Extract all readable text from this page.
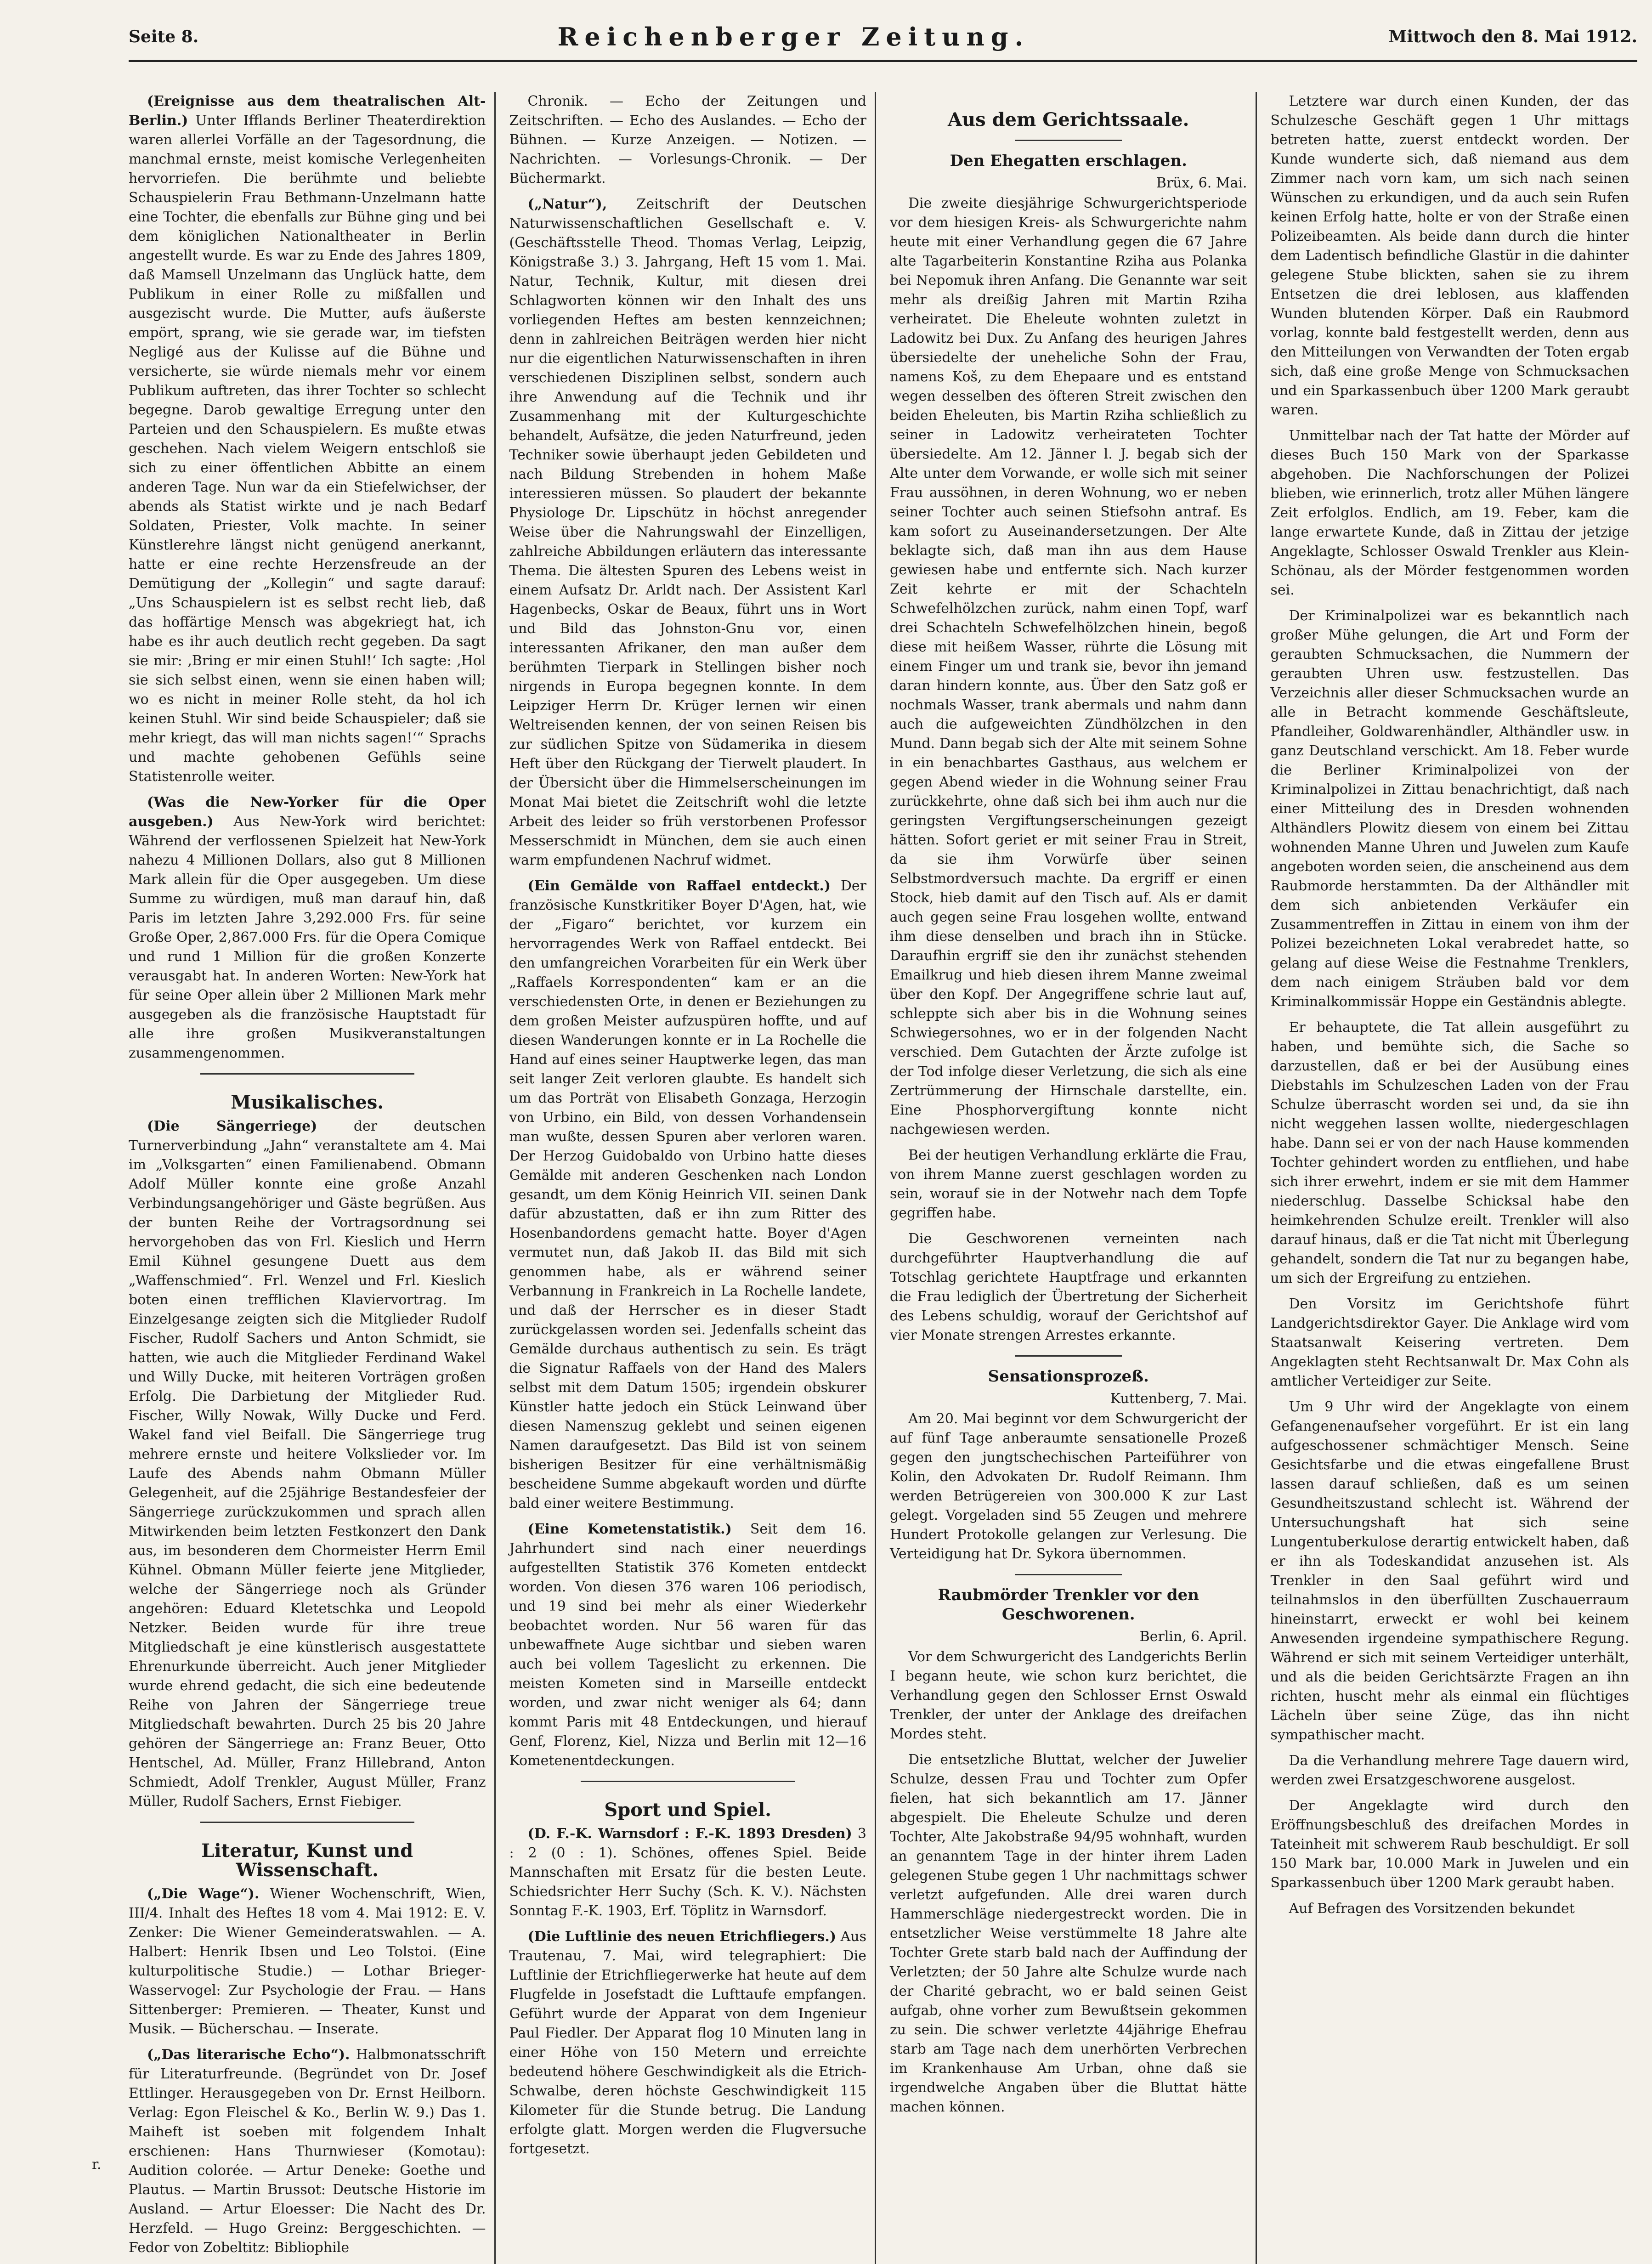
Seite 8.	Reichenberger Zeitung.	Mittwoch den 8. Mai 1912.

(Ereignisse aus dem theatralischen Alt-Berlin.) Unter Ifflands Berliner Theaterdirektion waren allerlei Vorfälle an der Tagesordnung, die manchmal ernste, meist komische Verlegenheiten hervorriefen. Die berühmte und beliebte Schauspielerin Frau Bethmann-Unzelmann hatte eine Tochter, die ebenfalls zur Bühne ging und bei dem königlichen Nationaltheater in Berlin angestellt wurde. Es war zu Ende des Jahres 1809, daß Mamsell Unzelmann das Unglück hatte, dem Publikum in einer Rolle zu mißfallen und ausgezischt wurde. Die Mutter, aufs äußerste empört, sprang, wie sie gerade war, im tiefsten Negligé aus der Kulisse auf die Bühne und versicherte, sie würde niemals mehr vor einem Publikum auftreten, das ihrer Tochter so schlecht begegne. Darob gewaltige Erregung unter den Parteien und den Schauspielern. Es mußte etwas geschehen. Nach vielem Weigern entschloß sie sich zu einer öffentlichen Abbitte an einem anderen Tage. Nun war da ein Stiefelwichser, der abends als Statist wirkte und je nach Bedarf Soldaten, Priester, Volk machte. In seiner Künstlerehre längst nicht genügend anerkannt, hatte er eine rechte Herzensfreude an der Demütigung der „Kollegin“ und sagte darauf: „Uns Schauspielern ist es selbst recht lieb, daß das hoffärtige Mensch was abgekriegt hat, ich habe es ihr auch deutlich recht gegeben. Da sagt sie mir: ‚Bring er mir einen Stuhl!‘ Ich sagte: ‚Hol sie sich selbst einen, wenn sie einen haben will; wo es nicht in meiner Rolle steht, da hol ich keinen Stuhl. Wir sind beide Schauspieler; daß sie mehr kriegt, das will man nichts sagen!‘“ Sprachs und machte gehobenen Gefühls seine Statistenrolle weiter.

(Was die New-Yorker für die Oper ausgeben.) Aus New-York wird berichtet: Während der verflossenen Spielzeit hat New-York nahezu 4 Millionen Dollars, also gut 8 Millionen Mark allein für die Oper ausgegeben. Um diese Summe zu würdigen, muß man darauf hin, daß Paris im letzten Jahre 3,292.000 Frs. für seine Große Oper, 2,867.000 Frs. für die Opera Comique und rund 1 Million für die großen Konzerte verausgabt hat. In anderen Worten: New-York hat für seine Oper allein über 2 Millionen Mark mehr ausgegeben als die französische Hauptstadt für alle ihre großen Musikveranstaltungen zusammengenommen.

Musikalisches.

(Die Sängerriege)	der deutschen Turnerverbindung „Jahn“ veranstaltete am 4. Mai im „Volksgarten“ einen Familienabend. Obmann Adolf Müller konnte eine große Anzahl Verbindungsangehöriger und Gäste begrüßen. Aus der bunten Reihe der Vortragsordnung sei hervorgehoben das von Frl. Kieslich und Herrn Emil Kühnel gesungene Duett aus dem „Waffenschmied“. Frl. Wenzel und Frl. Kieslich boten einen trefflichen Klaviervortrag. Im Einzelgesange zeigten sich die Mitglieder Rudolf Fischer, Rudolf Sachers und Anton Schmidt, sie hatten, wie auch die Mitglieder Ferdinand Wakel und Willy Ducke, mit heiteren Vorträgen großen Erfolg. Die Darbietung der Mitglieder Rud. Fischer, Willy Nowak, Willy Ducke und Ferd. Wakel fand viel Beifall. Die Sängerriege trug mehrere ernste und heitere Volkslieder vor. Im Laufe des Abends nahm Obmann Müller Gelegenheit, auf die 25jährige Bestandesfeier der Sängerriege zurückzukommen und sprach allen Mitwirkenden beim letzten Festkonzert den Dank aus, im besonderen dem Chormeister Herrn Emil Kühnel. Obmann Müller feierte jene Mitglieder, welche der Sängerriege noch als Gründer angehören: Eduard Kletetschka und Leopold Netzker. Beiden wurde für ihre treue Mitgliedschaft je eine künstlerisch ausgestattete Ehrenurkunde überreicht. Auch jener Mitglieder wurde ehrend gedacht, die sich eine bedeutende Reihe von Jahren der Sängerriege treue Mitgliedschaft bewahrten. Durch 25 bis 20 Jahre gehören der Sängerriege an: Franz Beuer, Otto Hentschel, Ad. Müller, Franz Hillebrand, Anton Schmiedt, Adolf Trenkler, August Müller, Franz Müller, Rudolf Sachers, Ernst Fiebiger.

Literatur, Kunst und Wissenschaft.

(„Die Wage“). Wiener Wochenschrift, Wien, III/4. Inhalt des Heftes 18 vom 4. Mai 1912: E. V. Zenker: Die Wiener Gemeinderatswahlen. — A. Halbert: Henrik Ibsen und Leo Tolstoi. (Eine kulturpolitische Studie.) — Lothar Brieger-Wasservogel: Zur Psychologie der Frau. — Hans Sittenberger: Premieren. — Theater, Kunst und Musik. — Bücherschau. — Inserate.

(„Das literarische Echo“). Halbmonatsschrift für Literaturfreunde. (Begründet von Dr. Josef Ettlinger. Herausgegeben von Dr. Ernst Heilborn. Verlag: Egon Fleischel & Ko., Berlin W. 9.) Das 1. Maiheft ist soeben mit folgendem Inhalt erschienen: Hans Thurnwieser (Komotau): Audition colorée. — Artur Deneke: Goethe und Plautus. — Martin Brussot: Deutsche Historie im Ausland. — Artur Eloesser: Die Nacht des Dr. Herzfeld. — Hugo Greinz: Berggeschichten. — Fedor von Zobeltitz: Bibliophile

Chronik. — Echo der Zeitungen und Zeitschriften. — Echo des Auslandes. — Echo der Bühnen. — Kurze Anzeigen. — Notizen. — Nachrichten. — Vorlesungs-Chronik. — Der Büchermarkt.

(„Natur“), Zeitschrift der Deutschen Naturwissenschaftlichen Gesellschaft e. V. (Geschäftsstelle Theod. Thomas Verlag, Leipzig, Königstraße 3.) 3. Jahrgang, Heft 15 vom 1. Mai. Natur, Technik, Kultur, mit diesen drei Schlagworten können wir den Inhalt des uns vorliegenden Heftes am besten kennzeichnen; denn in zahlreichen Beiträgen werden hier nicht nur die eigentlichen Naturwissenschaften in ihren verschiedenen Disziplinen selbst, sondern auch ihre Anwendung auf die Technik und ihr Zusammenhang mit der Kulturgeschichte behandelt, Aufsätze, die jeden Naturfreund, jeden Techniker sowie überhaupt jeden Gebildeten und nach Bildung Strebenden in hohem Maße interessieren müssen. So plaudert der bekannte Physiologe Dr. Lipschütz in höchst anregender Weise über die Nahrungswahl der Einzelligen, zahlreiche Abbildungen erläutern das interessante Thema. Die ältesten Spuren des Lebens weist in einem Aufsatz Dr. Arldt nach. Der Assistent Karl Hagenbecks, Oskar de Beaux, führt uns in Wort und Bild das Johnston-Gnu vor, einen interessanten Afrikaner, den man außer dem berühmten Tierpark in Stellingen bisher noch nirgends in Europa begegnen konnte. In dem Leipziger Herrn Dr. Krüger lernen wir einen Weltreisenden kennen, der von seinen Reisen bis zur südlichen Spitze von Südamerika in diesem Heft über den Rückgang der Tierwelt plaudert. In der Übersicht über die Himmelserscheinungen im Monat Mai bietet die Zeitschrift wohl die letzte Arbeit des leider so früh verstorbenen Professor Messerschmidt in München, dem sie auch einen warm empfundenen Nachruf widmet.

(Ein Gemälde von Raffael entdeckt.) Der französische Kunstkritiker Boyer D'Agen, hat, wie der „Figaro“ berichtet, vor kurzem ein hervorragendes Werk von Raffael entdeckt. Bei den umfangreichen Vorarbeiten für ein Werk über „Raffaels Korrespondenten“ kam er an die verschiedensten Orte, in denen er Beziehungen zu dem großen Meister aufzuspüren hoffte, und auf diesen Wanderungen konnte er in La Rochelle die Hand auf eines seiner Hauptwerke legen, das man seit langer Zeit verloren glaubte. Es handelt sich um das Porträt von Elisabeth Gonzaga, Herzogin von Urbino, ein Bild, von dessen Vorhandensein man wußte, dessen Spuren aber verloren waren. Der Herzog Guidobaldo von Urbino hatte dieses Gemälde mit anderen Geschenken nach London gesandt, um dem König Heinrich VII. seinen Dank dafür abzustatten, daß er ihn zum Ritter des Hosenbandordens gemacht hatte. Boyer d'Agen vermutet nun, daß Jakob II. das Bild mit sich genommen habe, als er während seiner Verbannung in Frankreich in La Rochelle landete, und daß der Herrscher es in dieser Stadt zurückgelassen worden sei. Jedenfalls scheint das Gemälde durchaus authentisch zu sein. Es trägt die Signatur Raffaels von der Hand des Malers selbst mit dem Datum 1505; irgendein obskurer Künstler hatte jedoch ein Stück Leinwand über diesen Namenszug geklebt und seinen eigenen Namen daraufgesetzt. Das Bild ist von seinem bisherigen Besitzer für eine verhältnismäßig bescheidene Summe abgekauft worden und dürfte bald einer weitere Bestimmung.

(Eine Kometenstatistik.) Seit dem 16. Jahrhundert sind nach einer neuerdings aufgestellten Statistik 376 Kometen entdeckt worden. Von diesen 376 waren 106 periodisch, und 19 sind bei mehr als einer Wiederkehr beobachtet worden. Nur 56 waren für das unbewaffnete Auge sichtbar und sieben waren auch bei vollem Tageslicht zu erkennen. Die meisten Kometen sind in Marseille entdeckt worden, und zwar nicht weniger als 64; dann kommt Paris mit 48 Entdeckungen, und hierauf Genf, Florenz, Kiel, Nizza und Berlin mit 12—16 Kometenentdeckungen.

Sport und Spiel.

(D. F.-K. Warnsdorf : F.-K. 1893 Dresden) 3 : 2 (0 : 1). Schönes, offenes Spiel. Beide Mannschaften mit Ersatz für die besten Leute. Schiedsrichter Herr Suchy (Sch. K. V.). Nächsten Sonntag F.-K. 1903, Erf. Töplitz in Warnsdorf.

(Die Luftlinie des neuen Etrichfliegers.) Aus Trautenau, 7. Mai, wird telegraphiert: Die Luftlinie der Etrichfliegerwerke hat heute auf dem Flugfelde in Josefstadt die Lufttaufe empfangen. Geführt wurde der Apparat von dem Ingenieur Paul Fiedler. Der Apparat flog 10 Minuten lang in einer Höhe von 150 Metern und erreichte bedeutend höhere Geschwindigkeit als die Etrich-Schwalbe, deren höchste Geschwindigkeit 115 Kilometer für die Stunde betrug. Die Landung erfolgte glatt. Morgen werden die Flugversuche fortgesetzt.

Aus dem Gerichtssaale.
Den Ehegatten erschlagen.
Brüx, 6. Mai.

Die zweite diesjährige Schwurgerichtsperiode vor dem hiesigen Kreis- als Schwurgerichte nahm heute mit einer Verhandlung gegen die 67 Jahre alte Tagarbeiterin Konstantine Rziha aus Polanka bei Nepomuk ihren Anfang. Die Genannte war seit mehr als dreißig Jahren mit Martin Rziha verheiratet. Die Eheleute wohnten zuletzt in Ladowitz bei Dux. Zu Anfang des heurigen Jahres übersiedelte der uneheliche Sohn der Frau, namens Koš, zu dem Ehepaare und es entstand wegen desselben des öfteren Streit zwischen den beiden Eheleuten, bis Martin Rziha schließlich zu seiner in Ladowitz verheirateten Tochter übersiedelte. Am 12. Jänner l. J. begab sich der Alte unter dem Vorwande, er wolle sich mit seiner Frau aussöhnen, in deren Wohnung, wo er neben seiner Tochter auch seinen Stiefsohn antraf. Es kam sofort zu Auseinandersetzungen. Der Alte beklagte sich, daß man ihn aus dem Hause gewiesen habe und entfernte sich. Nach kurzer Zeit kehrte er mit der Schachteln Schwefelhölzchen zurück, nahm einen Topf, warf drei Schachteln Schwefelhölzchen hinein, begoß diese mit heißem Wasser, rührte die Lösung mit einem Finger um und trank sie, bevor ihn jemand daran hindern konnte, aus. Über den Satz goß er nochmals Wasser, trank abermals und nahm dann auch die aufgeweichten Zündhölzchen in den Mund. Dann begab sich der Alte mit seinem Sohne in ein benachbartes Gasthaus, aus welchem er gegen Abend wieder in die Wohnung seiner Frau zurückkehrte, ohne daß sich bei ihm auch nur die geringsten Vergiftungserscheinungen gezeigt hätten. Sofort geriet er mit seiner Frau in Streit, da sie ihm Vorwürfe über seinen Selbstmordversuch machte. Da ergriff er einen Stock, hieb damit auf den Tisch auf. Als er damit auch gegen seine Frau losgehen wollte, entwand ihm diese denselben und brach ihn in Stücke. Daraufhin ergriff sie den ihr zunächst stehenden Emailkrug und hieb diesen ihrem Manne zweimal über den Kopf. Der Angegriffene schrie laut auf, schleppte sich aber bis in die Wohnung seines Schwiegersohnes, wo er in der folgenden Nacht verschied. Dem Gutachten der Ärzte zufolge ist der Tod infolge dieser Verletzung, die sich als eine Zertrümmerung der Hirnschale darstellte, ein. Eine Phosphorvergiftung konnte nicht nachgewiesen werden.

Bei der heutigen Verhandlung erklärte die Frau, von ihrem Manne zuerst geschlagen worden zu sein, worauf sie in der Notwehr nach dem Topfe gegriffen habe.

Die Geschworenen verneinten nach durchgeführter Hauptverhandlung die auf Totschlag gerichtete Hauptfrage und erkannten die Frau lediglich der Übertretung der Sicherheit des Lebens schuldig, worauf der Gerichtshof auf vier Monate strengen Arrestes erkannte.

Sensationsprozeß.
Kuttenberg, 7. Mai.

Am 20. Mai beginnt vor dem Schwurgericht der auf fünf Tage anberaumte sensationelle Prozeß gegen den jungtschechischen Parteiführer von Kolin, den Advokaten Dr. Rudolf Reimann. Ihm werden Betrügereien von 300.000 K zur Last gelegt. Vorgeladen sind 55 Zeugen und mehrere Hundert Protokolle gelangen zur Verlesung. Die Verteidigung hat Dr. Sykora übernommen.

Raubmörder Trenkler vor den Geschworenen.
Berlin, 6. April.

Vor dem Schwurgericht des Landgerichts Berlin I begann heute, wie schon kurz berichtet, die Verhandlung gegen den Schlosser Ernst Oswald Trenkler, der unter der Anklage des dreifachen Mordes steht.

Die entsetzliche Bluttat, welcher der Juwelier Schulze, dessen Frau und Tochter zum Opfer fielen, hat sich bekanntlich am 17. Jänner abgespielt. Die Eheleute Schulze und deren Tochter, Alte Jakobstraße 94/95 wohnhaft, wurden an genanntem Tage in der hinter ihrem Laden gelegenen Stube gegen 1 Uhr nachmittags schwer verletzt aufgefunden. Alle drei waren durch Hammerschläge niedergestreckt worden. Die in entsetzlicher Weise verstümmelte 18 Jahre alte Tochter Grete starb bald nach der Auffindung der Verletzten; der 50 Jahre alte Schulze wurde nach der Charité gebracht, wo er bald seinen Geist aufgab, ohne vorher zum Bewußtsein gekommen zu sein. Die schwer verletzte 44jährige Ehefrau starb am Tage nach dem unerhörten Verbrechen im Krankenhause Am Urban, ohne daß sie irgendwelche Angaben über die Bluttat hätte machen können.

Letztere war durch einen Kunden, der das Schulzesche Geschäft gegen 1 Uhr mittags betreten hatte, zuerst entdeckt worden. Der Kunde wunderte sich, daß niemand aus dem Zimmer nach vorn kam, um sich nach seinen Wünschen zu erkundigen, und da auch sein Rufen keinen Erfolg hatte, holte er von der Straße einen Polizeibeamten. Als beide dann durch die hinter dem Ladentisch befindliche Glastür in die dahinter gelegene Stube blickten, sahen sie zu ihrem Entsetzen die drei leblosen, aus klaffenden Wunden blutenden Körper. Daß ein Raubmord vorlag, konnte bald festgestellt werden, denn aus den Mitteilungen von Verwandten der Toten ergab sich, daß eine große Menge von Schmucksachen und ein Sparkassenbuch über 1200 Mark geraubt waren.

Unmittelbar nach der Tat hatte der Mörder auf dieses Buch 150 Mark von der Sparkasse abgehoben. Die Nachforschungen der Polizei blieben, wie erinnerlich, trotz aller Mühen längere Zeit erfolglos. Endlich, am 19. Feber, kam die lange erwartete Kunde, daß in Zittau der jetzige Angeklagte, Schlosser Oswald Trenkler aus Klein-Schönau, als der Mörder festgenommen worden sei.

Der Kriminalpolizei war es bekanntlich nach großer Mühe gelungen, die Art und Form der geraubten Schmucksachen, die Nummern der geraubten Uhren usw. festzustellen. Das Verzeichnis aller dieser Schmucksachen wurde an alle in Betracht kommende Geschäftsleute, Pfandleiher, Goldwarenhändler, Althändler usw. in ganz Deutschland verschickt. Am 18. Feber wurde die Berliner Kriminalpolizei von der Kriminalpolizei in Zittau benachrichtigt, daß nach einer Mitteilung des in Dresden wohnenden Althändlers Plowitz diesem von einem bei Zittau wohnenden Manne Uhren und Juwelen zum Kaufe angeboten worden seien, die anscheinend aus dem Raubmorde herstammten. Da der Althändler mit dem sich anbietenden Verkäufer ein Zusammentreffen in Zittau in einem von ihm der Polizei bezeichneten Lokal verabredet hatte, so gelang auf diese Weise die Festnahme Trenklers, dem nach einigem Sträuben bald vor dem Kriminalkommissär Hoppe ein Geständnis ablegte.

Er behauptete, die Tat allein ausgeführt zu haben, und bemühte sich, die Sache so darzustellen, daß er bei der Ausübung eines Diebstahls im Schulzeschen Laden von der Frau Schulze überrascht worden sei und, da sie ihn nicht weggehen lassen wollte, niedergeschlagen habe. Dann sei er von der nach Hause kommenden Tochter gehindert worden zu entfliehen, und habe sich ihrer erwehrt, indem er sie mit dem Hammer niederschlug. Dasselbe Schicksal habe den heimkehrenden Schulze ereilt. Trenkler will also darauf hinaus, daß er die Tat nicht mit Überlegung gehandelt, sondern die Tat nur zu begangen habe, um sich der Ergreifung zu entziehen.

Den Vorsitz im Gerichtshofe führt Landgerichtsdirektor Gayer. Die Anklage wird vom Staatsanwalt Keisering vertreten. Dem Angeklagten steht Rechtsanwalt Dr. Max Cohn als amtlicher Verteidiger zur Seite.

Um 9 Uhr wird der Angeklagte von einem Gefangenenaufseher vorgeführt. Er ist ein lang aufgeschossener schmächtiger Mensch. Seine Gesichtsfarbe und die etwas eingefallene Brust lassen darauf schließen, daß es um seinen Gesundheitszustand schlecht ist. Während der Untersuchungshaft hat sich seine Lungentuberkulose derartig entwickelt haben, daß er ihn als Todeskandidat anzusehen ist. Als Trenkler in den Saal geführt wird und teilnahmslos in den überfüllten Zuschauerraum hineinstarrt, erweckt er wohl bei keinem Anwesenden irgendeine sympathischere Regung. Während er sich mit seinem Verteidiger unterhält, und als die beiden Gerichtsärzte Fragen an ihn richten, huscht mehr als einmal ein flüchtiges Lächeln über seine Züge, das ihn nicht sympathischer macht.

Da die Verhandlung mehrere Tage dauern wird, werden zwei Ersatzgeschworene ausgelost.

Der Angeklagte wird durch den Eröffnungsbeschluß des dreifachen Mordes in Tateinheit mit schwerem Raub beschuldigt. Er soll 150 Mark bar, 10.000 Mark in Juwelen und ein Sparkassenbuch über 1200 Mark geraubt haben.

Auf Befragen des Vorsitzenden bekundet

r.
